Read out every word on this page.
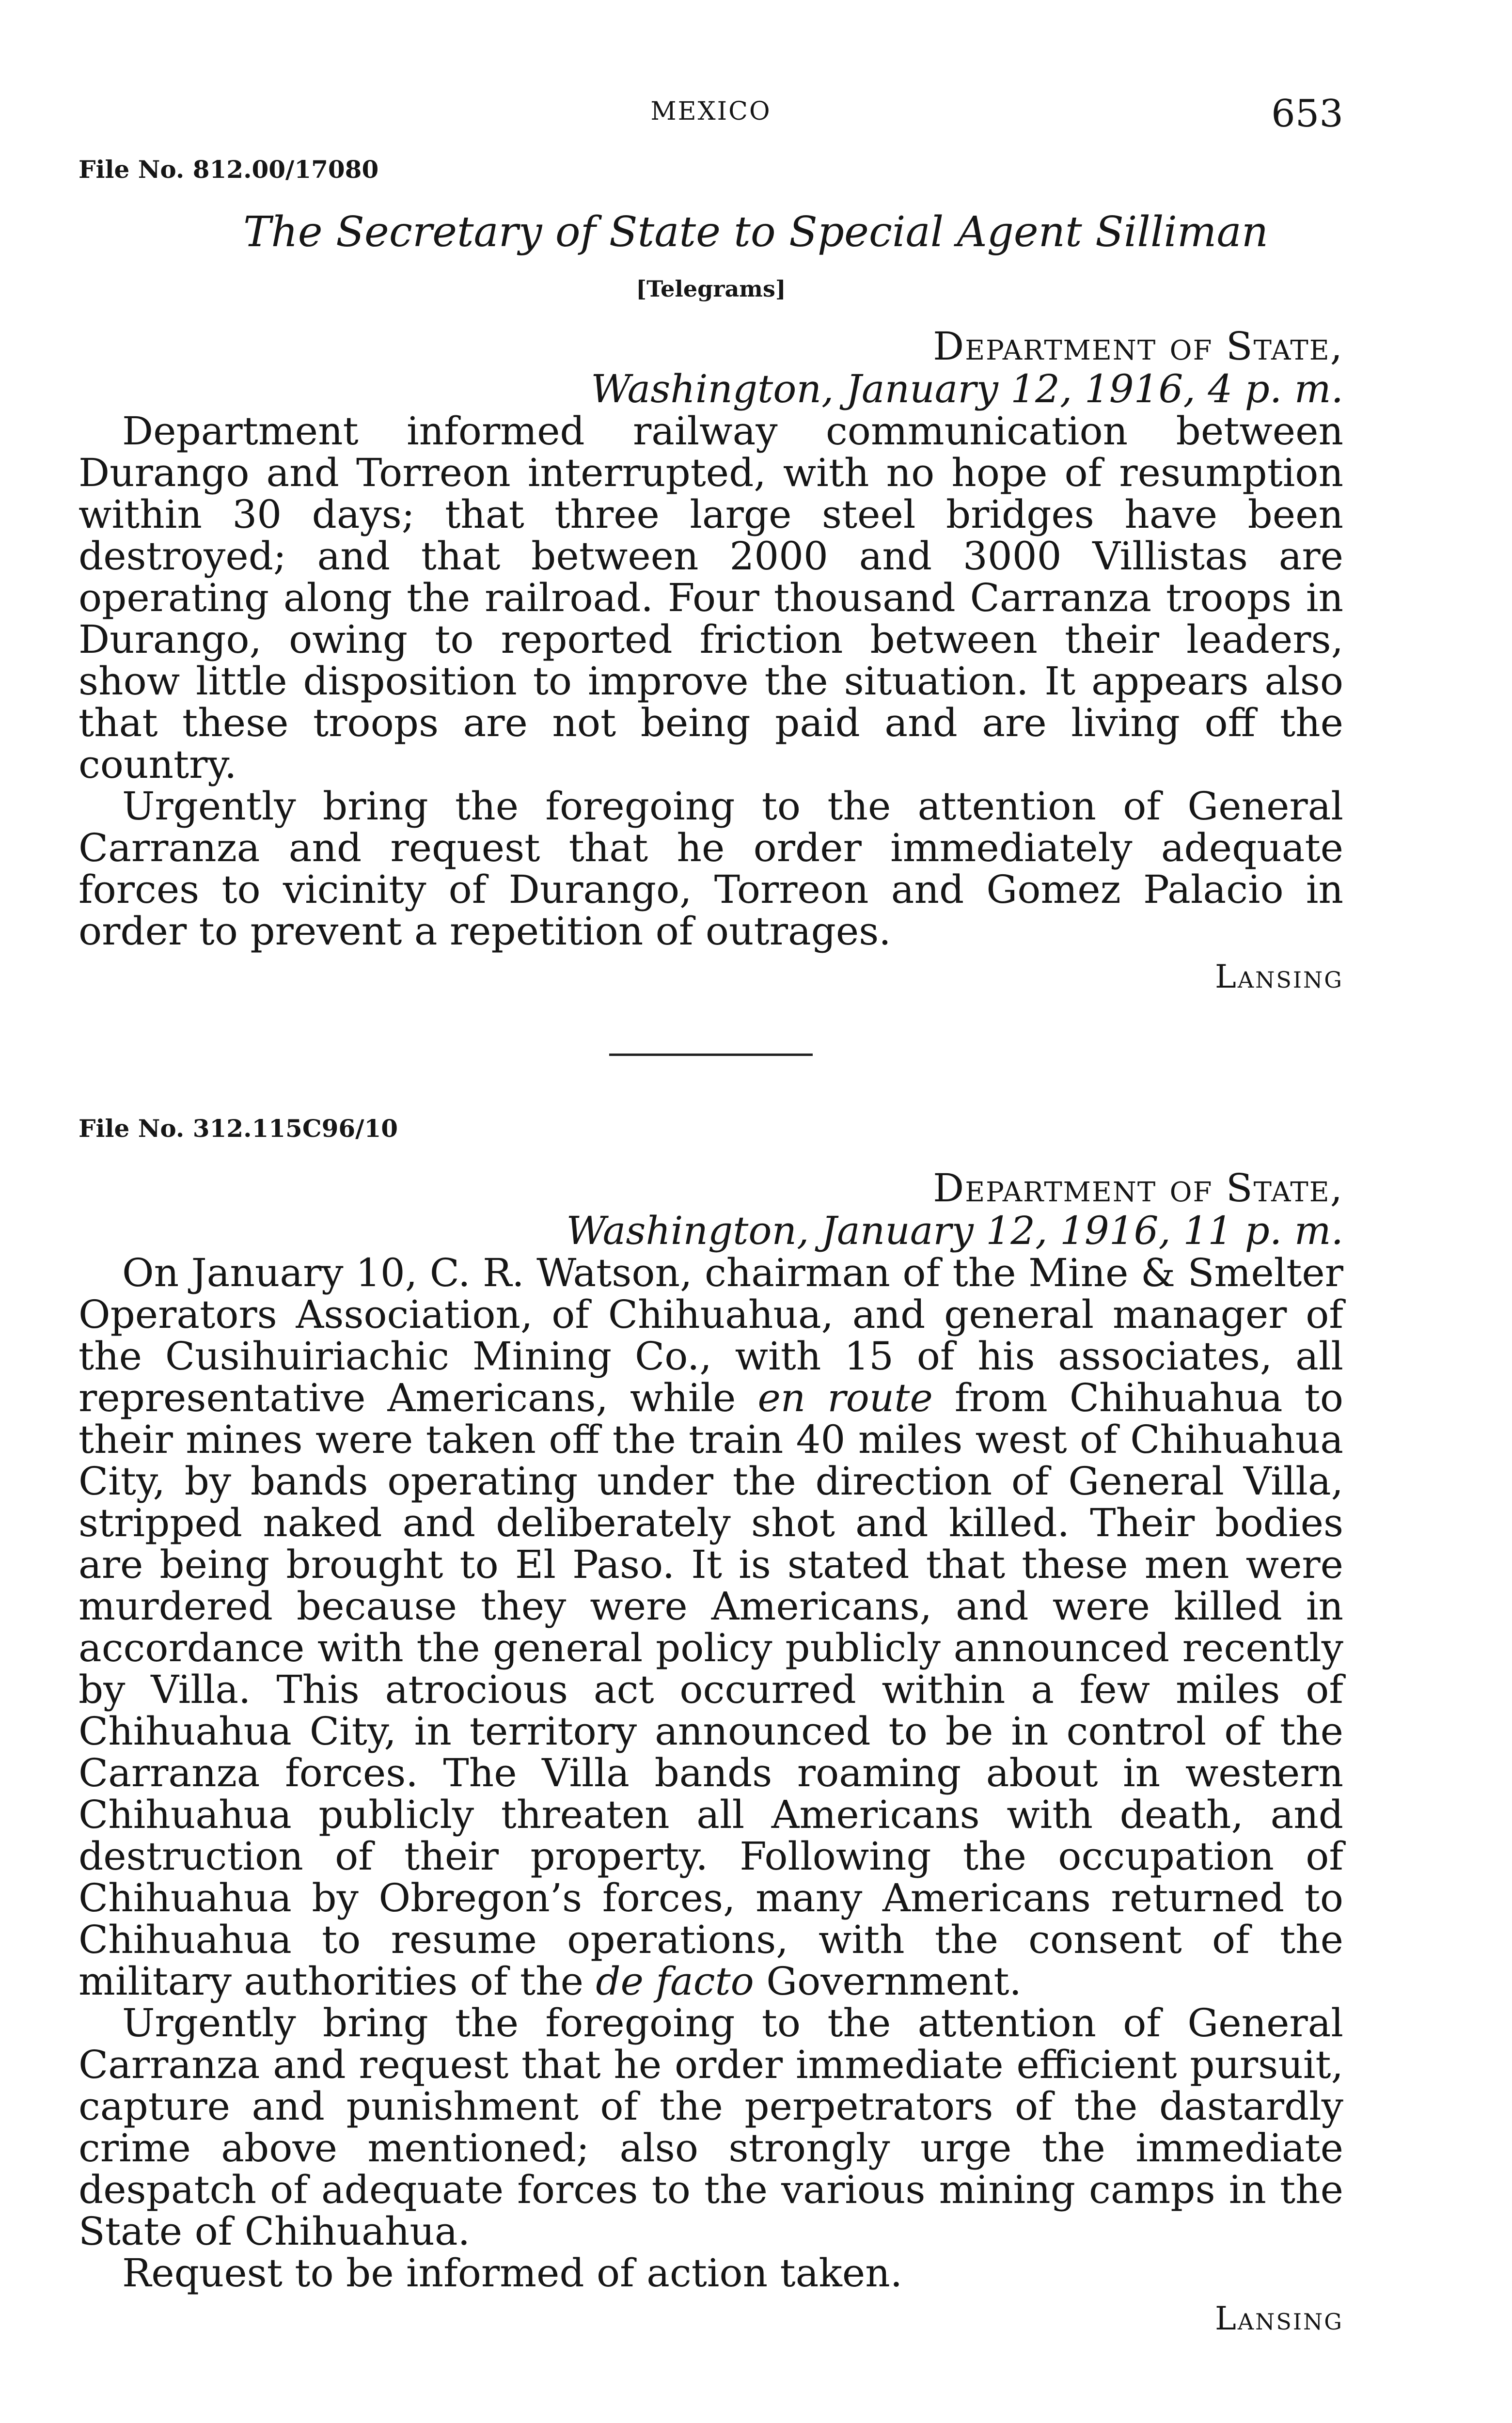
MEXICO	653
File No. 812.00/17080
The Secretary of State to Special Agent Silliman
[Telegrams]
Department of State,
Washington, January 12, 1916, 4 p. m.

Department informed railway communication between Durango and Torreon interrupted, with no hope of resumption within 30 days; that three large steel bridges have been destroyed; and that between 2000 and 3000 Villistas are operating along the railroad. Four thousand Carranza troops in Durango, owing to reported friction between their leaders, show little disposition to improve the situation. It appears also that these troops are not being paid and are living off the country.

Urgently bring the foregoing to the attention of General Carranza and request that he order immediately adequate forces to vicinity of Durango, Torreon and Gomez Palacio in order to prevent a repetition of outrages.

Lansing
File No. 312.115C96/10
Department of State,
Washington, January 12, 1916, 11 p. m.

On January 10, C. R. Watson, chairman of the Mine & Smelter Operators Association, of Chihuahua, and general manager of the Cusihuiriachic Mining Co., with 15 of his associates, all representative Americans, while en route from Chihuahua to their mines were taken off the train 40 miles west of Chihuahua City, by bands operating under the direction of General Villa, stripped naked and deliberately shot and killed. Their bodies are being brought to El Paso. It is stated that these men were murdered because they were Americans, and were killed in accordance with the general policy publicly announced recently by Villa. This atrocious act occurred within a few miles of Chihuahua City, in territory announced to be in control of the Carranza forces. The Villa bands roaming about in western Chihuahua publicly threaten all Americans with death, and destruction of their property. Following the occupation of Chihuahua by Obregon’s forces, many Americans returned to Chihuahua to resume operations, with the consent of the military authorities of the de facto Government.

Urgently bring the foregoing to the attention of General Carranza and request that he order immediate efficient pursuit, capture and punishment of the perpetrators of the dastardly crime above mentioned; also strongly urge the immediate despatch of adequate forces to the various mining camps in the State of Chihuahua.

Request to be informed of action taken.

Lansing
